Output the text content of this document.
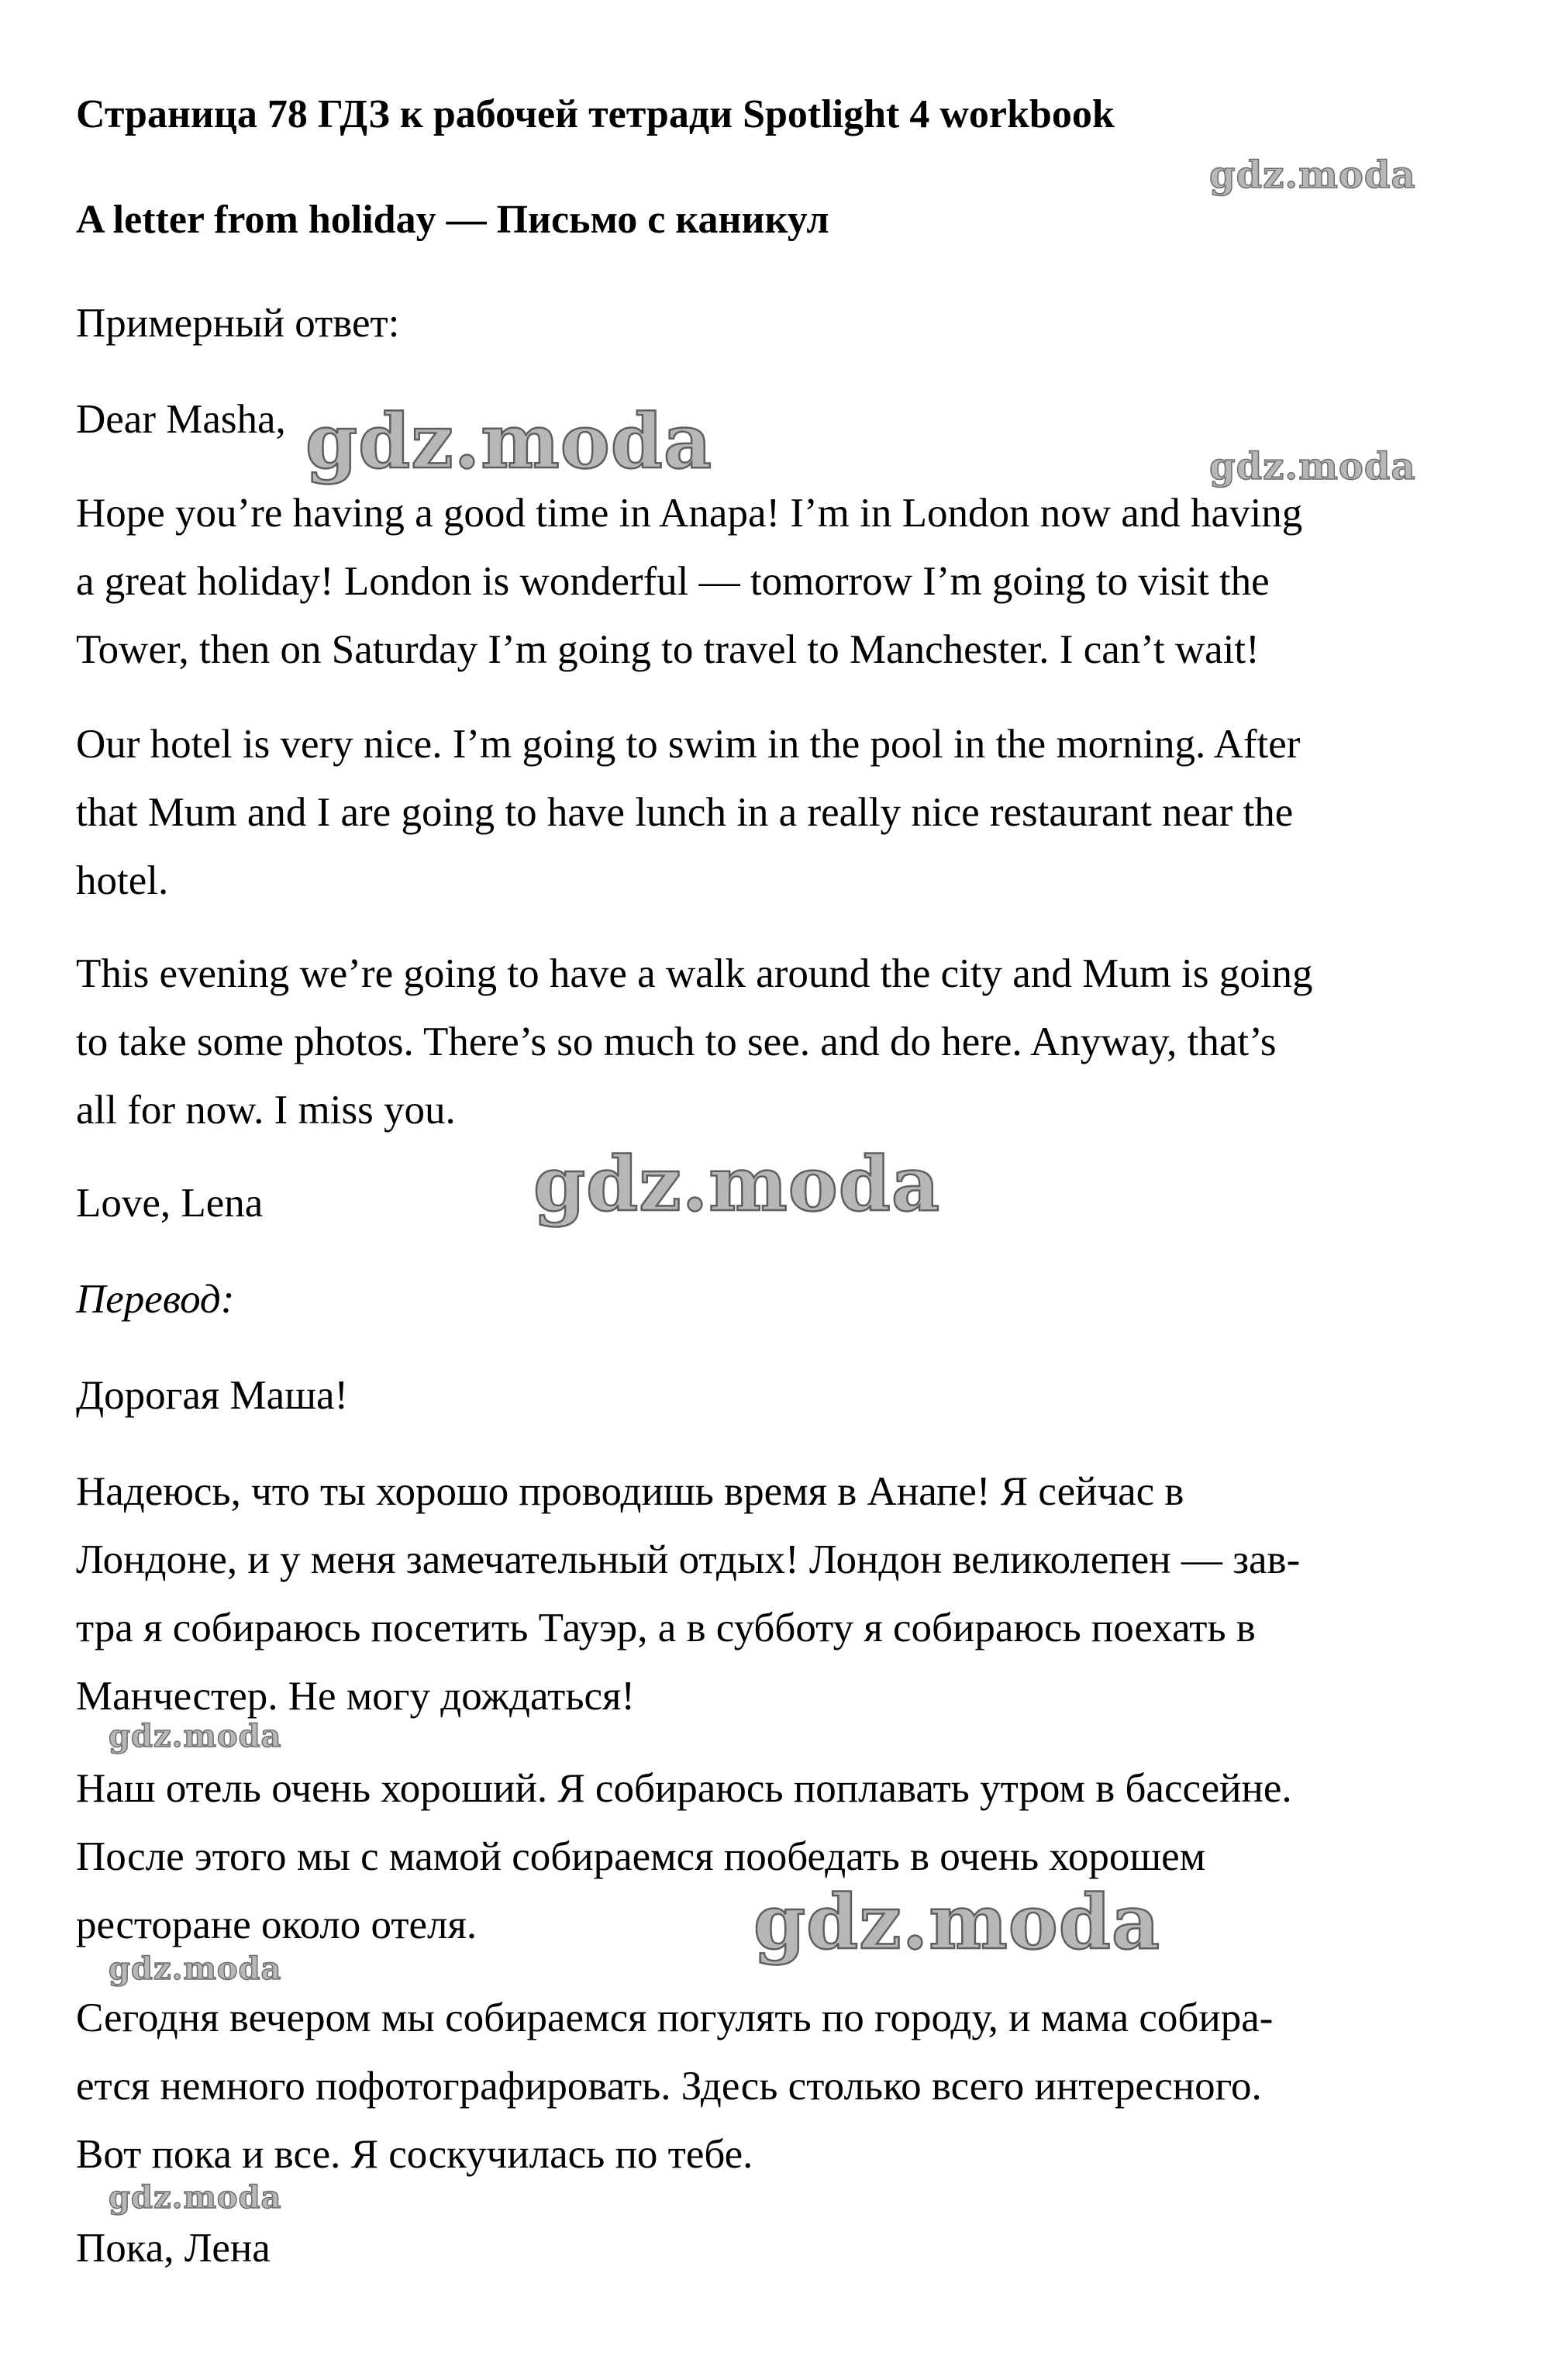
Страница 78 ГДЗ к рабочей тетради Spotlight 4 workbook
A letter from holiday — Письмо с каникул

Примерный ответ:

Dear Masha,

Hope you’re having a good time in Anapa! I’m in London now and having
a great holiday! London is wonderful — tomorrow I’m going to visit the
Tower, then on Saturday I’m going to travel to Manchester. I can’t wait!

Our hotel is very nice. I’m going to swim in the pool in the morning. After
that Mum and I are going to have lunch in a really nice restaurant near the
hotel.

This evening we’re going to have a walk around the city and Mum is going
to take some photos. There’s so much to see. and do here. Anyway, that’s
all for now. I miss you.

Love, Lena

Перевод:

Дорогая Маша!

Надеюсь, что ты хорошо проводишь время в Анапе! Я сейчас в
Лондоне, и у меня замечательный отдых! Лондон великолепен — зав-
тра я собираюсь посетить Тауэр, а в субботу я собираюсь поехать в
Манчестер. Не могу дождаться!

Наш отель очень хороший. Я собираюсь поплавать утром в бассейне.
После этого мы с мамой собираемся пообедать в очень хорошем
ресторане около отеля.

Сегодня вечером мы собираемся погулять по городу, и мама собира-
ется немного пофотографировать. Здесь столько всего интересного.
Вот пока и все. Я соскучилась по тебе.

Пока, Лена

gdz.moda
gdz.moda	gdz.moda
gdz.moda
gdz.moda
gdz.moda
gdz.moda
gdz.moda
